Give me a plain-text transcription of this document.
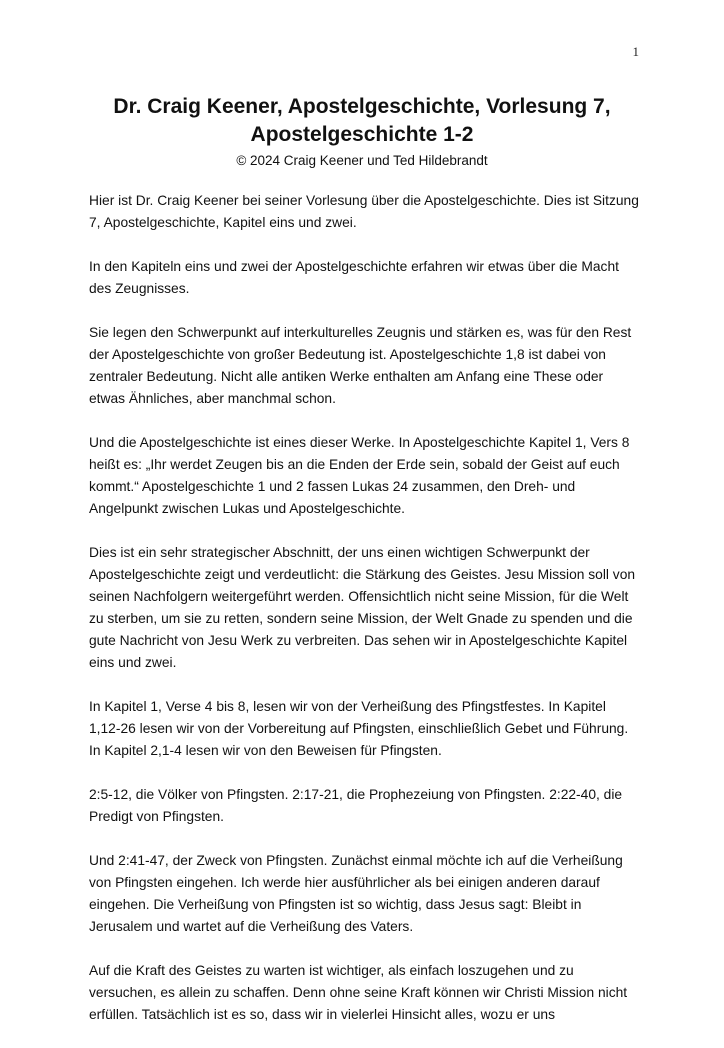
1
Dr. Craig Keener, Apostelgeschichte, Vorlesung 7,
Apostelgeschichte 1-2

© 2024 Craig Keener und Ted Hildebrandt

Hier ist Dr. Craig Keener bei seiner Vorlesung über die Apostelgeschichte. Dies ist Sitzung 7, Apostelgeschichte, Kapitel eins und zwei.

In den Kapiteln eins und zwei der Apostelgeschichte erfahren wir etwas über die Macht des Zeugnisses.

Sie legen den Schwerpunkt auf interkulturelles Zeugnis und stärken es, was für den Rest der Apostelgeschichte von großer Bedeutung ist. Apostelgeschichte 1,8 ist dabei von zentraler Bedeutung. Nicht alle antiken Werke enthalten am Anfang eine These oder etwas Ähnliches, aber manchmal schon.

Und die Apostelgeschichte ist eines dieser Werke. In Apostelgeschichte Kapitel 1, Vers 8 heißt es: „Ihr werdet Zeugen bis an die Enden der Erde sein, sobald der Geist auf euch kommt.“ Apostelgeschichte 1 und 2 fassen Lukas 24 zusammen, den Dreh- und Angelpunkt zwischen Lukas und Apostelgeschichte.

Dies ist ein sehr strategischer Abschnitt, der uns einen wichtigen Schwerpunkt der Apostelgeschichte zeigt und verdeutlicht: die Stärkung des Geistes. Jesu Mission soll von seinen Nachfolgern weitergeführt werden. Offensichtlich nicht seine Mission, für die Welt zu sterben, um sie zu retten, sondern seine Mission, der Welt Gnade zu spenden und die gute Nachricht von Jesu Werk zu verbreiten. Das sehen wir in Apostelgeschichte Kapitel eins und zwei.

In Kapitel 1, Verse 4 bis 8, lesen wir von der Verheißung des Pfingstfestes. In Kapitel 1,12-26 lesen wir von der Vorbereitung auf Pfingsten, einschließlich Gebet und Führung. In Kapitel 2,1-4 lesen wir von den Beweisen für Pfingsten.

2:5-12, die Völker von Pfingsten. 2:17-21, die Prophezeiung von Pfingsten. 2:22-40, die Predigt von Pfingsten.

Und 2:41-47, der Zweck von Pfingsten. Zunächst einmal möchte ich auf die Verheißung von Pfingsten eingehen. Ich werde hier ausführlicher als bei einigen anderen darauf eingehen. Die Verheißung von Pfingsten ist so wichtig, dass Jesus sagt: Bleibt in Jerusalem und wartet auf die Verheißung des Vaters.

Auf die Kraft des Geistes zu warten ist wichtiger, als einfach loszugehen und zu versuchen, es allein zu schaffen. Denn ohne seine Kraft können wir Christi Mission nicht erfüllen. Tatsächlich ist es so, dass wir in vielerlei Hinsicht alles, wozu er uns
